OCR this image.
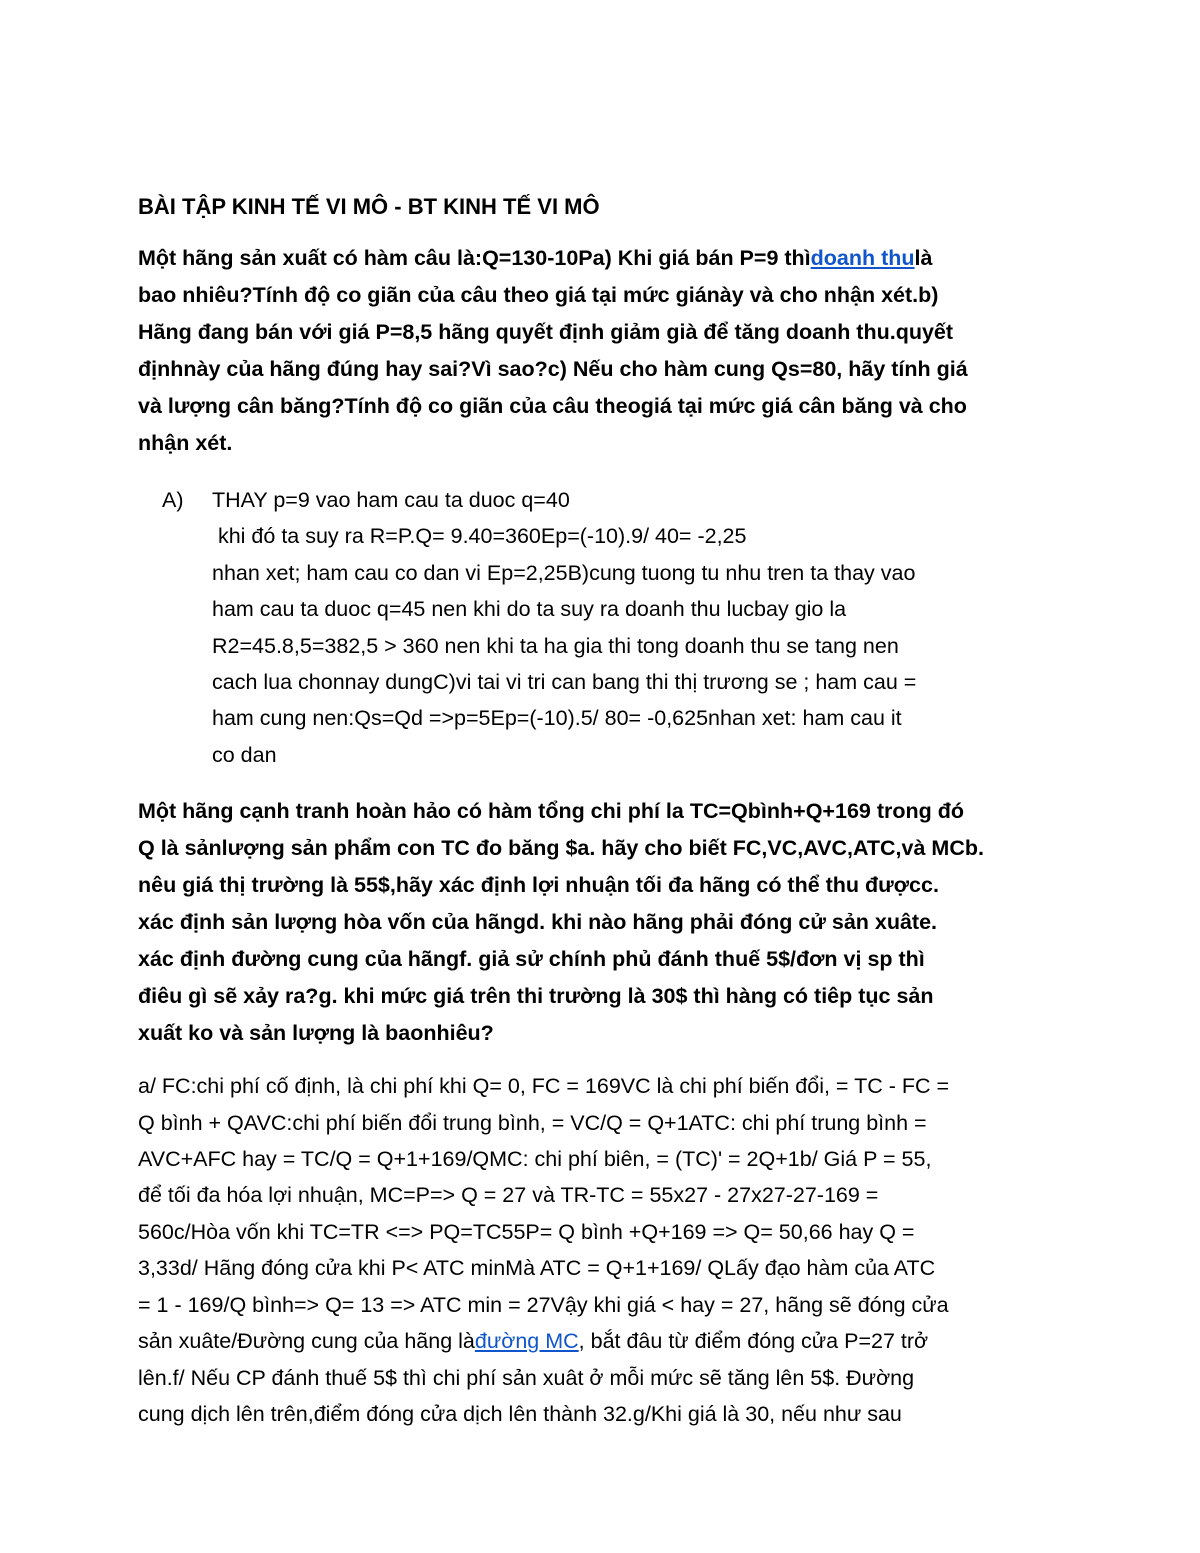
BÀI TẬP KINH TẾ VI MÔ - BT KINH TẾ VI MÔ

Một hãng sản xuất có hàm câu là:Q=130-10Pa) Khi giá bán P=9 thìdoanh thulà
bao nhiêu?Tính độ co giãn của câu theo giá tại mức giánày và cho nhận xét.b)
Hãng đang bán với giá P=8,5 hãng quyết định giảm già để tăng doanh thu.quyết
địnhnày của hãng đúng hay sai?Vì sao?c) Nếu cho hàm cung Qs=80, hãy tính giá
và lượng cân băng?Tính độ co giãn của câu theogiá tại mức giá cân băng và cho
nhận xét.

A) THAY p=9 vao ham cau ta duoc q=40
khi đó ta suy ra R=P.Q= 9.40=360Ep=(-10).9/ 40= -2,25
nhan xet; ham cau co dan vi Ep=2,25B)cung tuong tu nhu tren ta thay vao
ham cau ta duoc q=45 nen khi do ta suy ra doanh thu lucbay gio la
R2=45.8,5=382,5 > 360 nen khi ta ha gia thi tong doanh thu se tang nen
cach lua chonnay dungC)vi tai vi tri can bang thi thị trương se ; ham cau =
ham cung nen:Qs=Qd =>p=5Ep=(-10).5/ 80= -0,625nhan xet: ham cau it
co dan

Một hãng cạnh tranh hoàn hảo có hàm tổng chi phí la TC=Qbình+Q+169 trong đó
Q là sảnlượng sản phẩm con TC đo băng $a. hãy cho biết FC,VC,AVC,ATC,và MCb.
nêu giá thị trường là 55$,hãy xác định lợi nhuận tối đa hãng có thể thu đượcc.
xác định sản lượng hòa vốn của hãngd. khi nào hãng phải đóng cử sản xuâte.
xác định đường cung của hãngf. giả sử chính phủ đánh thuế 5$/đơn vị sp thì
điêu gì sẽ xảy ra?g. khi mức giá trên thi trường là 30$ thì hàng có tiêp tục sản
xuất ko và sản lượng là baonhiêu?

a/ FC:chi phí cố định, là chi phí khi Q= 0, FC = 169VC là chi phí biến đổi, = TC - FC =
Q bình + QAVC:chi phí biến đổi trung bình, = VC/Q = Q+1ATC: chi phí trung bình =
AVC+AFC hay = TC/Q = Q+1+169/QMC: chi phí biên, = (TC)' = 2Q+1b/ Giá P = 55,
để tối đa hóa lợi nhuận, MC=P=> Q = 27 và TR-TC = 55x27 - 27x27-27-169 =
560c/Hòa vốn khi TC=TR <=> PQ=TC55P= Q bình +Q+169 => Q= 50,66 hay Q =
3,33d/ Hãng đóng cửa khi P< ATC minMà ATC = Q+1+169/ QLấy đạo hàm của ATC
= 1 - 169/Q bình=> Q= 13 => ATC min = 27Vậy khi giá < hay = 27, hãng sẽ đóng cửa
sản xuâte/Đường cung của hãng làđường MC, bắt đâu từ điểm đóng cửa P=27 trở
lên.f/ Nếu CP đánh thuế 5$ thì chi phí sản xuât ở mỗi mức sẽ tăng lên 5$. Đường
cung dịch lên trên,điểm đóng cửa dịch lên thành 32.g/Khi giá là 30, nếu như sau
